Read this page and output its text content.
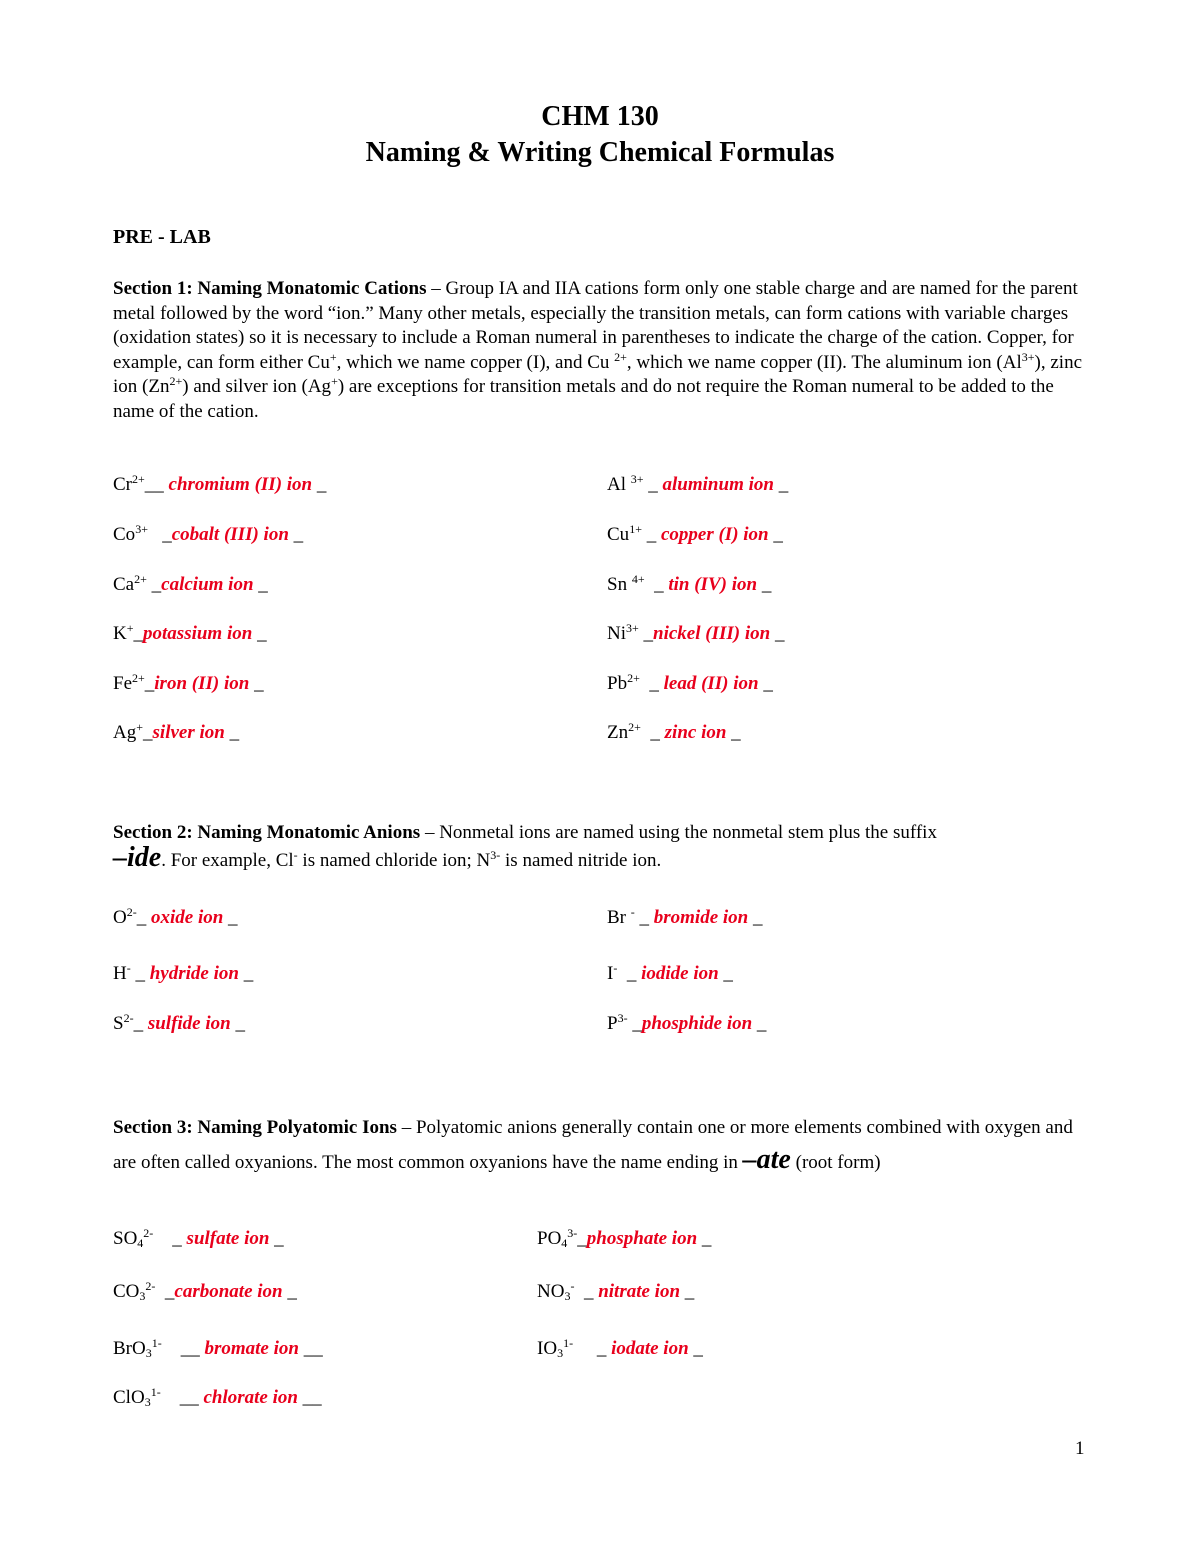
CHM 130
Naming & Writing Chemical Formulas
PRE - LAB
Section 1: Naming Monatomic Cations – Group IA and IIA cations form only one stable charge and are named for the parent metal followed by the word “ion.” Many other metals, especially the transition metals, can form cations with variable charges (oxidation states) so it is necessary to include a Roman numeral in parentheses to indicate the charge of the cation. Copper, for example, can form either Cu+, which we name copper (I), and Cu $^{2+}$, which we name copper (II). The aluminum ion $(Al^{3+})$, zinc ion $(Zn^{2+})$ and silver ion (Ag+) are exceptions for transition metals and do not require the Roman numeral to be added to the name of the cation.
$Cr^{2+}\_\_$ chromium (II) ion _
$Co^{3+}$   _cobalt (III) ion _
$Ca^{2+}$ _calcium ion _
K+_potassium ion _
$Fe^{2+}\_iron$ (II) ion _
Ag+_silver ion _
Al $^{3+}$ _ aluminum ion _
$Cu^{1+}$ _ copper (I) ion _
Sn $^{4+}$  _ tin (IV) ion _
$Ni^{3+}$ _nickel (III) ion _
$Pb^{2+}$  _ lead (II) ion _
$Zn^{2+}$  _ zinc ion _
Section 2: Naming Monatomic Anions – Nonmetal ions are named using the nonmetal stem plus the suffix
–ide. For example, Cl- is named chloride ion; $N^{3-}$ is named nitride ion.
$O^{2-}\_$ oxide ion _
H- _ hydride ion _
$S^{2-}\_$ sulfide ion _
Br - _ bromide ion _
I-  _ iodide ion _
$P^{3-}$ _phosphide ion _
Section 3: Naming Polyatomic Ions – Polyatomic anions generally contain one or more elements combined with oxygen and are often called oxyanions. The most common oxyanions have the name ending in –ate (root form)
$SO_4^{2-}$    _ sulfate ion _
$CO_3^{2-}$  _carbonate ion _
BrO$_3^{1-}$    __ bromate ion __
ClO$_3^{1-}$    __ chlorate ion __
$PO_4^{3-}\_phosphate$ ion _
$NO_3^-$  _ nitrate ion _
$IO_3^{1-}$     _ iodate ion _
1
